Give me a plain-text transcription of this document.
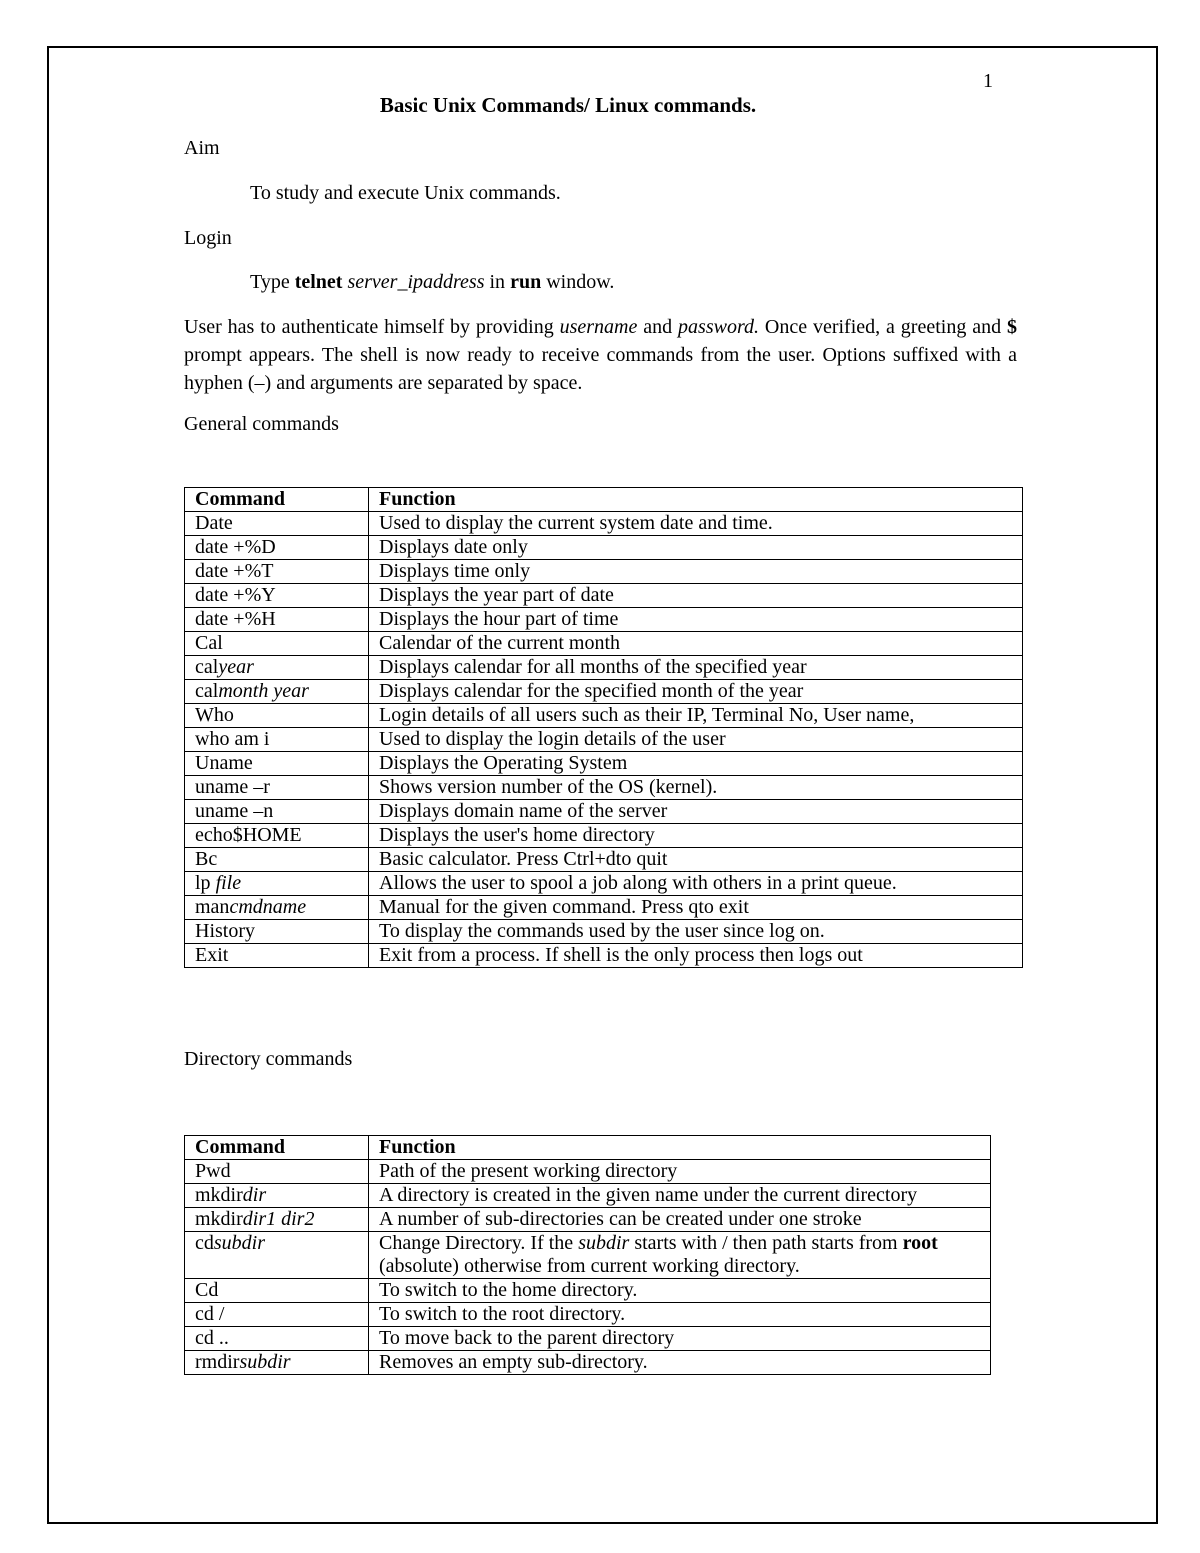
1
Basic Unix Commands/ Linux commands.
Aim
To study and execute Unix commands.
Login
Type telnet server_ipaddress in run window.
User has to authenticate himself by providing username and password. Once verified, a greeting and $ prompt appears. The shell is now ready to receive commands from the user. Options suffixed with a hyphen (–) and arguments are separated by space.
General commands
Command	Function
Date	Used to display the current system date and time.
date +%D	Displays date only
date +%T	Displays time only
date +%Y	Displays the year part of date
date +%H	Displays the hour part of time
Cal	Calendar of the current month
calyear	Displays calendar for all months of the specified year
calmonth year	Displays calendar for the specified month of the year
Who	Login details of all users such as their IP, Terminal No, User name,
who am i	Used to display the login details of the user
Uname	Displays the Operating System
uname –r	Shows version number of the OS (kernel).
uname –n	Displays domain name of the server
echo$HOME	Displays the user's home directory
Bc	Basic calculator. Press Ctrl+dto quit
lp file	Allows the user to spool a job along with others in a print queue.
mancmdname	Manual for the given command. Press qto exit
History	To display the commands used by the user since log on.
Exit	Exit from a process. If shell is the only process then logs out
Directory commands
Command	Function
Pwd	Path of the present working directory
mkdirdir	A directory is created in the given name under the current directory
mkdirdir1 dir2	A number of sub-directories can be created under one stroke
cdsubdir	Change Directory. If the subdir starts with / then path starts from root (absolute) otherwise from current working directory.
Cd	To switch to the home directory.
cd /	To switch to the root directory.
cd ..	To move back to the parent directory
rmdirsubdir	Removes an empty sub-directory.
